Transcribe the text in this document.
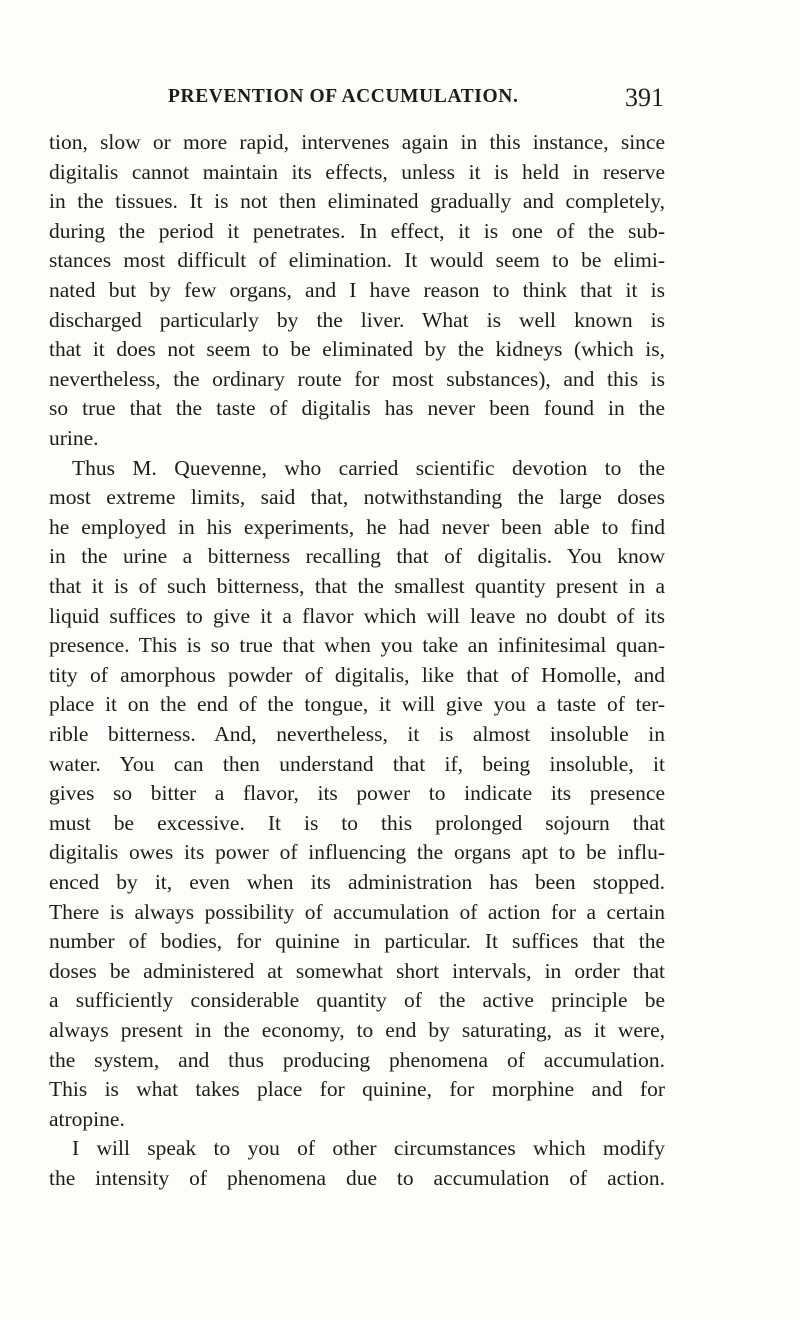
PREVENTION OF ACCUMULATION.	391
tion, slow or more rapid, intervenes again in this instance, since
digitalis cannot maintain its effects, unless it is held in reserve
in the tissues. It is not then eliminated gradually and completely,
during the period it penetrates. In effect, it is one of the sub-
stances most difficult of elimination. It would seem to be elimi-
nated but by few organs, and I have reason to think that it is
discharged particularly by the liver. What is well known is
that it does not seem to be eliminated by the kidneys (which is,
nevertheless, the ordinary route for most substances), and this is
so true that the taste of digitalis has never been found in the
urine.
Thus M. Quevenne, who carried scientific devotion to the
most extreme limits, said that, notwithstanding the large doses
he employed in his experiments, he had never been able to find
in the urine a bitterness recalling that of digitalis. You know
that it is of such bitterness, that the smallest quantity present in a
liquid suffices to give it a flavor which will leave no doubt of its
presence. This is so true that when you take an infinitesimal quan-
tity of amorphous powder of digitalis, like that of Homolle, and
place it on the end of the tongue, it will give you a taste of ter-
rible bitterness. And, nevertheless, it is almost insoluble in
water. You can then understand that if, being insoluble, it
gives so bitter a flavor, its power to indicate its presence
must be excessive. It is to this prolonged sojourn that
digitalis owes its power of influencing the organs apt to be influ-
enced by it, even when its administration has been stopped.
There is always possibility of accumulation of action for a certain
number of bodies, for quinine in particular. It suffices that the
doses be administered at somewhat short intervals, in order that
a sufficiently considerable quantity of the active principle be
always present in the economy, to end by saturating, as it were,
the system, and thus producing phenomena of accumulation.
This is what takes place for quinine, for morphine and for
atropine.
I will speak to you of other circumstances which modify
the intensity of phenomena due to accumulation of action.
